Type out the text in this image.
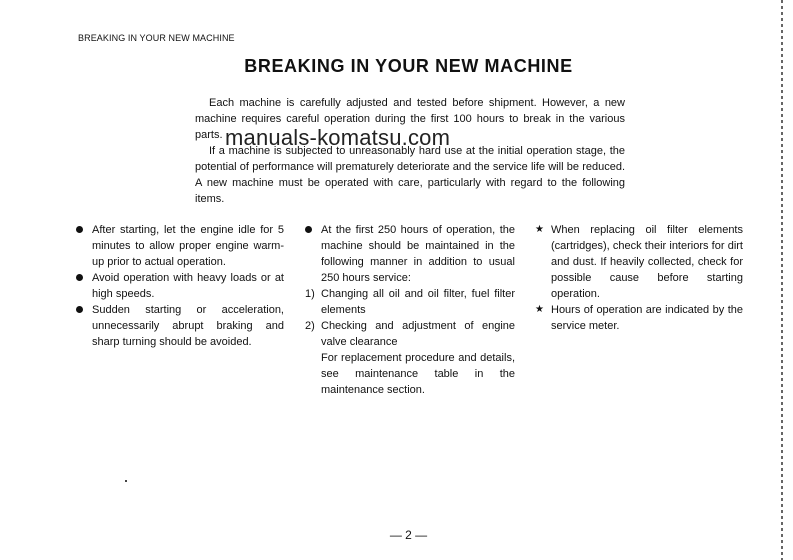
BREAKING IN YOUR NEW MACHINE
BREAKING IN YOUR NEW MACHINE

Each machine is carefully adjusted and tested before shipment. However, a new machine requires careful operation during the first 100 hours to break in the various parts.

If a machine is subjected to unreasonably hard use at the initial operation stage, the potential of performance will prematurely deteriorate and the service life will be reduced. A new machine must be operated with care, particularly with regard to the following items.

manuals-komatsu.com
After starting, let the engine idle for 5 minutes to allow proper engine warm-up prior to actual operation.
Avoid operation with heavy loads or at high speeds.
Sudden starting or acceleration, unnecessarily abrupt braking and sharp turning should be avoided.
At the first 250 hours of operation, the machine should be maintained in the following manner in addition to usual 250 hours service:
1) Changing all oil and oil filter, fuel filter elements
2) Checking and adjustment of engine valve clearance
For replacement procedure and details, see maintenance table in the maintenance section.
★ When replacing oil filter elements (cartridges), check their interiors for dirt and dust. If heavily collected, check for possible cause before starting operation.
★ Hours of operation are indicated by the service meter.
— 2 —
